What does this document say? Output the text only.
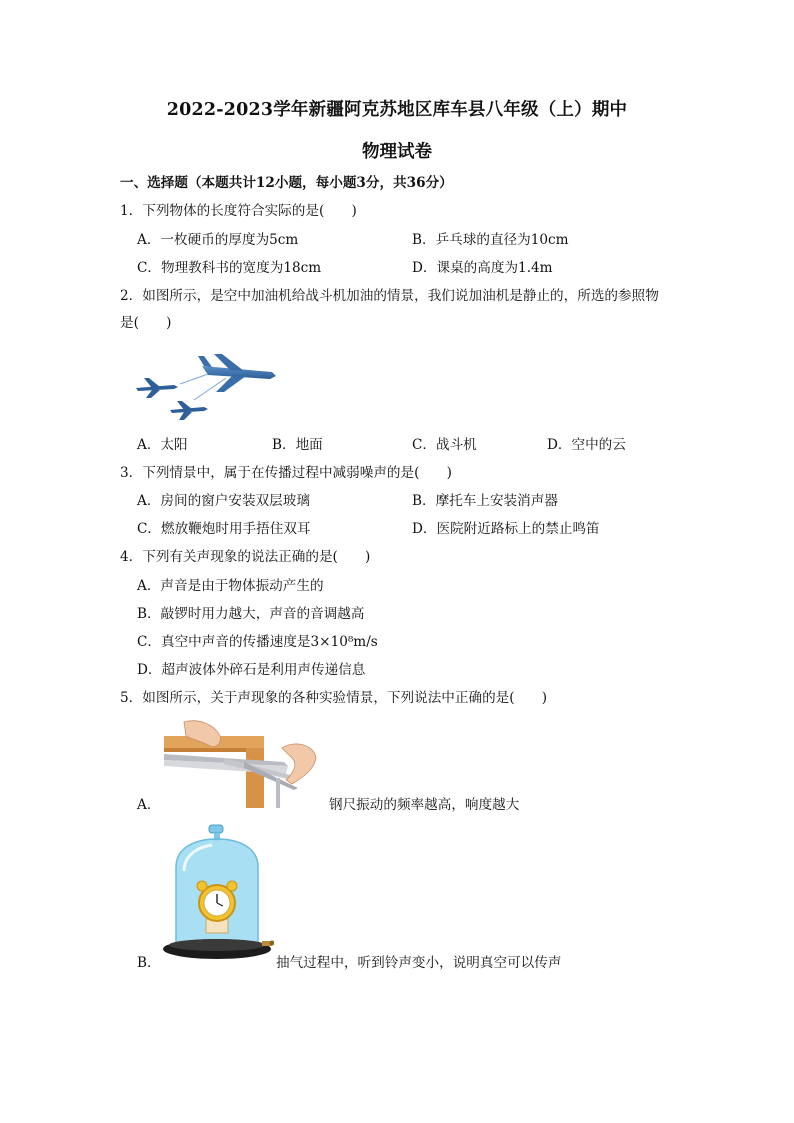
2022-2023学年新疆阿克苏地区库车县八年级（上）期中
物理试卷
一、选择题（本题共计12小题，每小题3分，共36分）
1．下列物体的长度符合实际的是(　　)
A．一枚硬币的厚度为5cm	B．乒乓球的直径为10cm
C．物理教科书的宽度为18cm	D．课桌的高度为1.4m
2．如图所示，是空中加油机给战斗机加油的情景，我们说加油机是静止的，所选的参照物
是(　　)
A．太阳	B．地面	C．战斗机	D．空中的云
3．下列情景中，属于在传播过程中减弱噪声的是(　　)
A．房间的窗户安装双层玻璃	B．摩托车上安装消声器
C．燃放鞭炮时用手捂住双耳	D．医院附近路标上的禁止鸣笛
4．下列有关声现象的说法正确的是(　　)
A．声音是由于物体振动产生的
B．敲锣时用力越大，声音的音调越高
C．真空中声音的传播速度是3×10⁸m/s
D．超声波体外碎石是利用声传递信息
5．如图所示，关于声现象的各种实验情景，下列说法中正确的是(　　)
A．	钢尺振动的频率越高，响度越大
B．	抽气过程中，听到铃声变小，说明真空可以传声
